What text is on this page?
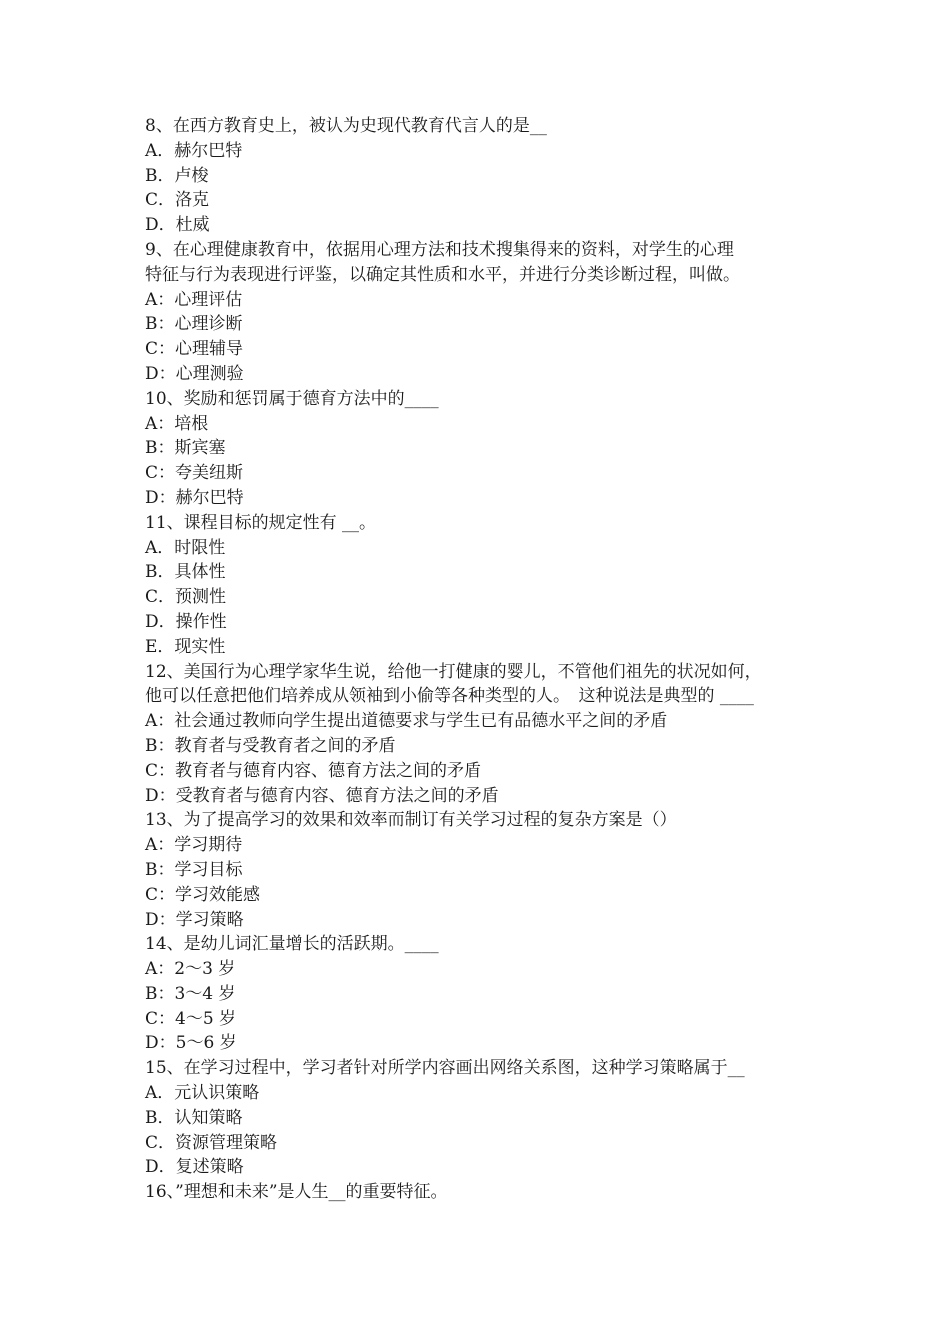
8、在西方教育史上，被认为史现代教育代言人的是__

A．赫尔巴特

B．卢梭

C．洛克

D．杜威

9、在心理健康教育中，依据用心理方法和技术搜集得来的资料，对学生的心理

特征与行为表现进行评鉴，以确定其性质和水平，并进行分类诊断过程，叫做。

A：心理评估

B：心理诊断

C：心理辅导

D：心理测验

10、奖励和惩罚属于德育方法中的____

A：培根

B：斯宾塞

C：夸美纽斯

D：赫尔巴特

11、课程目标的规定性有 __。

A．时限性

B．具体性

C．预测性

D．操作性

E．现实性

12、美国行为心理学家华生说，给他一打健康的婴儿，不管他们祖先的状况如何，

他可以任意把他们培养成从领袖到小偷等各种类型的人。　这种说法是典型的 ____

A：社会通过教师向学生提出道德要求与学生已有品德水平之间的矛盾

B：教育者与受教育者之间的矛盾

C：教育者与德育内容、德育方法之间的矛盾

D：受教育者与德育内容、德育方法之间的矛盾

13、为了提高学习的效果和效率而制订有关学习过程的复杂方案是（）

A：学习期待

B：学习目标

C：学习效能感

D：学习策略

14、是幼儿词汇量增长的活跃期。____

A：2～3 岁

B：3～4 岁

C：4～5 岁

D：5～6 岁

15、在学习过程中，学习者针对所学内容画出网络关系图，这种学习策略属于__

A．元认识策略

B．认知策略

C．资源管理策略

D．复述策略

16、”理想和未来”是人生__的重要特征。
